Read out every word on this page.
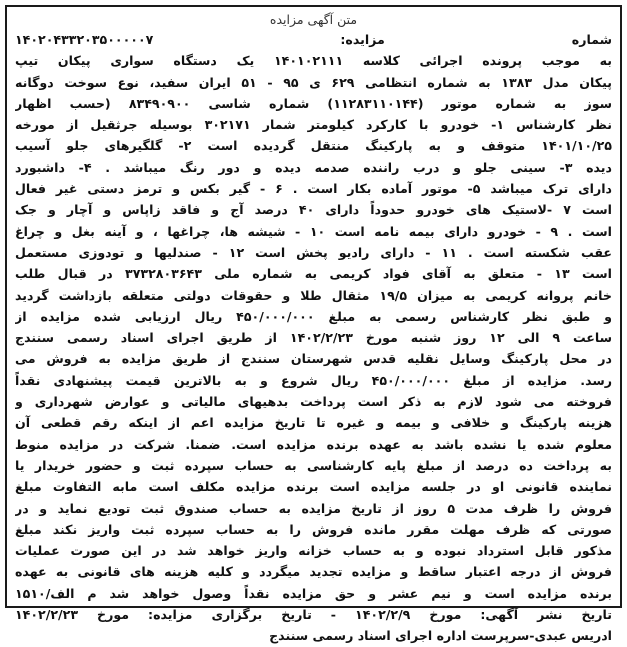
متن آگهی مزایده
شماره مزایده: ۱۴۰۲۰۴۳۳۲۰۳۵۰۰۰۰۰۷
به موجب پرونده اجرائی کلاسه ۱۴۰۱۰۲۱۱۱ یک دستگاه سواری پیکان تیپ
پیکان مدل ۱۳۸۳ به شماره انتظامی ۶۲۹ ی ۹۵ - ۵۱ ایران سفید، نوع سوخت دوگانه
سوز به شماره موتور (۱۱۲۸۳۱۱۰۱۴۴) شماره شاسی ۸۳۴۹۰۹۰۰ (حسب اظهار
نظر کارشناس ۱- خودرو با کارکرد کیلومتر شمار ۳۰۲۱۷۱ بوسیله جرثقیل از مورخه
۱۴۰۱/۱۰/۲۵ متوقف و به پارکینگ منتقل گردیده است ۲- گلگیرهای جلو آسیب
دیده ۳- سینی جلو و درب راننده صدمه دیده و دور رنگ میباشد . ۴- داشبورد
دارای ترک میباشد ۵- موتور آماده بکار است . ۶ - گیر بکس و ترمز دستی غیر فعال
است ۷ -لاستیک های خودرو حدوداً دارای ۴۰ درصد آج و فاقد زاپاس و آچار و جک
است . ۹ - خودرو دارای بیمه نامه است ۱۰ - شیشه ها، چراغها ، و آینه بغل و چراغ
عقب شکسته است . ۱۱ - دارای رادیو پخش است ۱۲ - صندلیها و تودوزی مستعمل
است ۱۳ - متعلق به آقای فواد کریمی به شماره ملی ۳۷۳۲۸۰۳۶۴۳ در قبال طلب
خانم پروانه کریمی به میزان ۱۹/۵ مثقال طلا و حقوقات دولتی متعلقه بازداشت گردید
و طبق نظر کارشناس رسمی به مبلغ ۴۵۰/۰۰۰/۰۰۰ ریال ارزیابی شده مزایده از
ساعت ۹ الی ۱۲ روز شنبه مورخ ۱۴۰۲/۲/۲۳ از طریق اجرای اسناد رسمی سنندج
در محل پارکینگ وسایل نقلیه قدس شهرستان سنندج از طریق مزایده به فروش می
رسد. مزایده از مبلغ ۴۵۰/۰۰۰/۰۰۰ ریال شروع و به بالاترین قیمت پیشنهادی نقداً
فروخته می شود لازم به ذکر است پرداخت بدهیهای مالیاتی و عوارض شهرداری و
هزینه پارکینگ و خلافی و بیمه و غیره تا تاریخ مزایده اعم از اینکه رقم قطعی آن
معلوم شده یا نشده باشد به عهده برنده مزایده است. ضمنا. شرکت در مزایده منوط
به پرداخت ده درصد از مبلغ پایه کارشناسی به حساب سپرده ثبت و حضور خریدار یا
نماینده قانونی او در جلسه مزایده است برنده مزایده مکلف است مابه التفاوت مبلغ
فروش را ظرف مدت ۵ روز از تاریخ مزایده به حساب صندوق ثبت تودیع نماید و در
صورتی که ظرف مهلت مقرر مانده فروش را به حساب سپرده ثبت واریز نکند مبلغ
مذکور قابل استرداد نبوده و به حساب خزانه واریز خواهد شد در این صورت عملیات
فروش از درجه اعتبار ساقط و مزایده تجدید میگردد و کلیه هزینه های قانونی به عهده
برنده مزایده است و نیم عشر و حق مزایده نقداً وصول خواهد شد م الف/۱۵۱۰
تاریخ نشر آگهی: مورخ ۱۴۰۲/۲/۹ - تاریخ برگزاری مزایده: مورخ ۱۴۰۲/۲/۲۳
ادریس عبدی-سرپرست اداره اجرای اسناد رسمی سنندج
